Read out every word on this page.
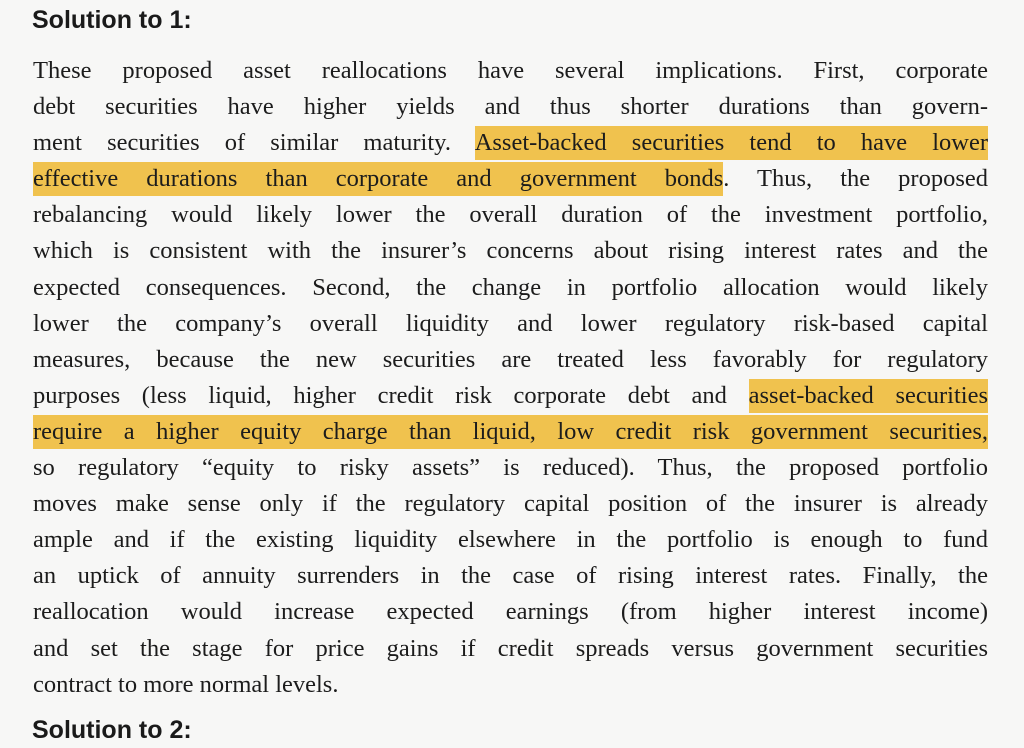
Solution to 1:
These proposed asset reallocations have several implications. First, corporate
debt securities have higher yields and thus shorter durations than govern-
ment securities of similar maturity. Asset-backed securities tend to have lower
effective durations than corporate and government bonds. Thus, the proposed
rebalancing would likely lower the overall duration of the investment portfolio,
which is consistent with the insurer’s concerns about rising interest rates and the
expected consequences. Second, the change in portfolio allocation would likely
lower the company’s overall liquidity and lower regulatory risk-based capital
measures, because the new securities are treated less favorably for regulatory
purposes (less liquid, higher credit risk corporate debt and asset-backed securities
require a higher equity charge than liquid, low credit risk government securities,
so regulatory “equity to risky assets” is reduced). Thus, the proposed portfolio
moves make sense only if the regulatory capital position of the insurer is already
ample and if the existing liquidity elsewhere in the portfolio is enough to fund
an uptick of annuity surrenders in the case of rising interest rates. Finally, the
reallocation would increase expected earnings (from higher interest income)
and set the stage for price gains if credit spreads versus government securities
contract to more normal levels.
Solution to 2:
